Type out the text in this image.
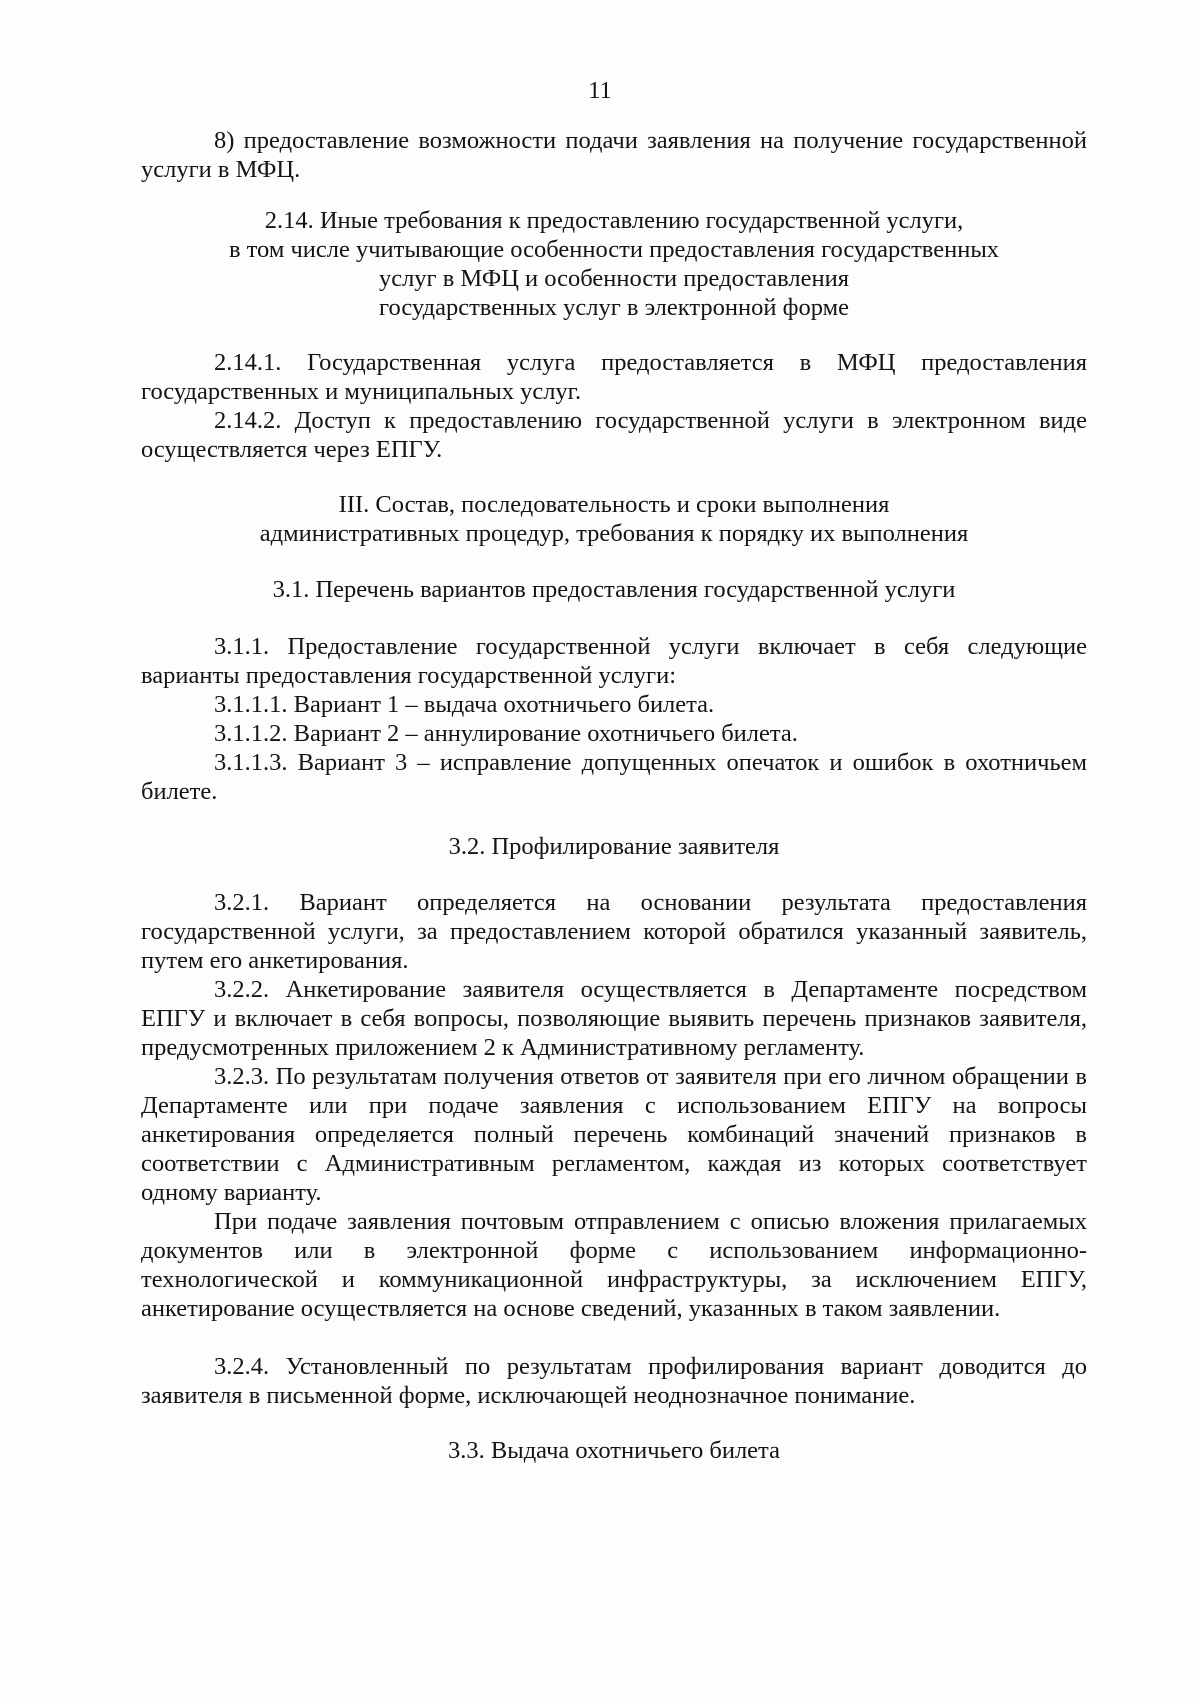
11

8) предоставление возможности подачи заявления на получение государственной услуги в МФЦ.

2.14. Иные требования к предоставлению государственной услуги,
в том числе учитывающие особенности предоставления государственных
услуг в МФЦ и особенности предоставления
государственных услуг в электронной форме

2.14.1. Государственная услуга предоставляется в МФЦ предоставления государственных и муниципальных услуг.

2.14.2. Доступ к предоставлению государственной услуги в электронном виде осуществляется через ЕПГУ.

III. Состав, последовательность и сроки выполнения
административных процедур, требования к порядку их выполнения
3.1. Перечень вариантов предоставления государственной услуги

3.1.1. Предоставление государственной услуги включает в себя следующие варианты предоставления государственной услуги:

3.1.1.1. Вариант 1 – выдача охотничьего билета.

3.1.1.2. Вариант 2 – аннулирование охотничьего билета.

3.1.1.3. Вариант 3 – исправление допущенных опечаток и ошибок в охотничьем билете.

3.2. Профилирование заявителя

3.2.1. Вариант определяется на основании результата предоставления государственной услуги, за предоставлением которой обратился указанный заявитель, путем его анкетирования.

3.2.2. Анкетирование заявителя осуществляется в Департаменте посредством ЕПГУ и включает в себя вопросы, позволяющие выявить перечень признаков заявителя, предусмотренных приложением 2 к Административному регламенту.

3.2.3. По результатам получения ответов от заявителя при его личном обращении в Департаменте или при подаче заявления с использованием ЕПГУ на вопросы анкетирования определяется полный перечень комбинаций значений признаков в соответствии с Административным регламентом, каждая из которых соответствует одному варианту.

При подаче заявления почтовым отправлением с описью вложения прилагаемых документов или в электронной форме с использованием информационно-технологической и коммуникационной инфраструктуры, за исключением ЕПГУ, анкетирование осуществляется на основе сведений, указанных в таком заявлении.

3.2.4. Установленный по результатам профилирования вариант доводится до заявителя в письменной форме, исключающей неоднозначное понимание.

3.3. Выдача охотничьего билета
